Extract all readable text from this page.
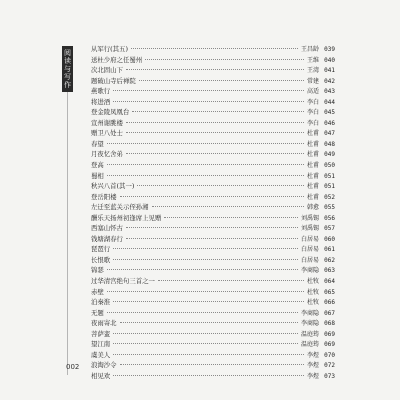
阅读与写作	从军行(其五)	王昌龄 039
送杜少府之任蜀州	王维 040
次北固山下	王湾 041
题破山寺后禅院	常建 042
燕歌行	高适 043
将进酒	李白 044
登金陵凤凰台	李白 045
宣州谢朓楼	李白 046
赠卫八处士	杜甫 047
春望	杜甫 048
月夜忆舍弟	杜甫 049
登高	杜甫 050
蜀相	杜甫 051
秋兴八首(其一)	杜甫 051
登岳阳楼	杜甫 052
左迁至蓝关示侄孙湘	韩愈 055
酬乐天扬州初逢席上见赠	刘禹锡 056
西塞山怀古	刘禹锡 057
钱塘湖春行	白居易 060
琵琶行	白居易 061
长恨歌	白居易 062
锦瑟	李商隐 063
过华清宫绝句三首之一	杜牧 064
赤壁	杜牧 065
泊秦淮	杜牧 066
无题	李商隐 067
夜雨寄北	李商隐 068
菩萨蛮	温庭筠 069
望江南	温庭筠 069
虞美人	李煜 070
浪淘沙令	李煜 072
相见欢	李煜 073
002
